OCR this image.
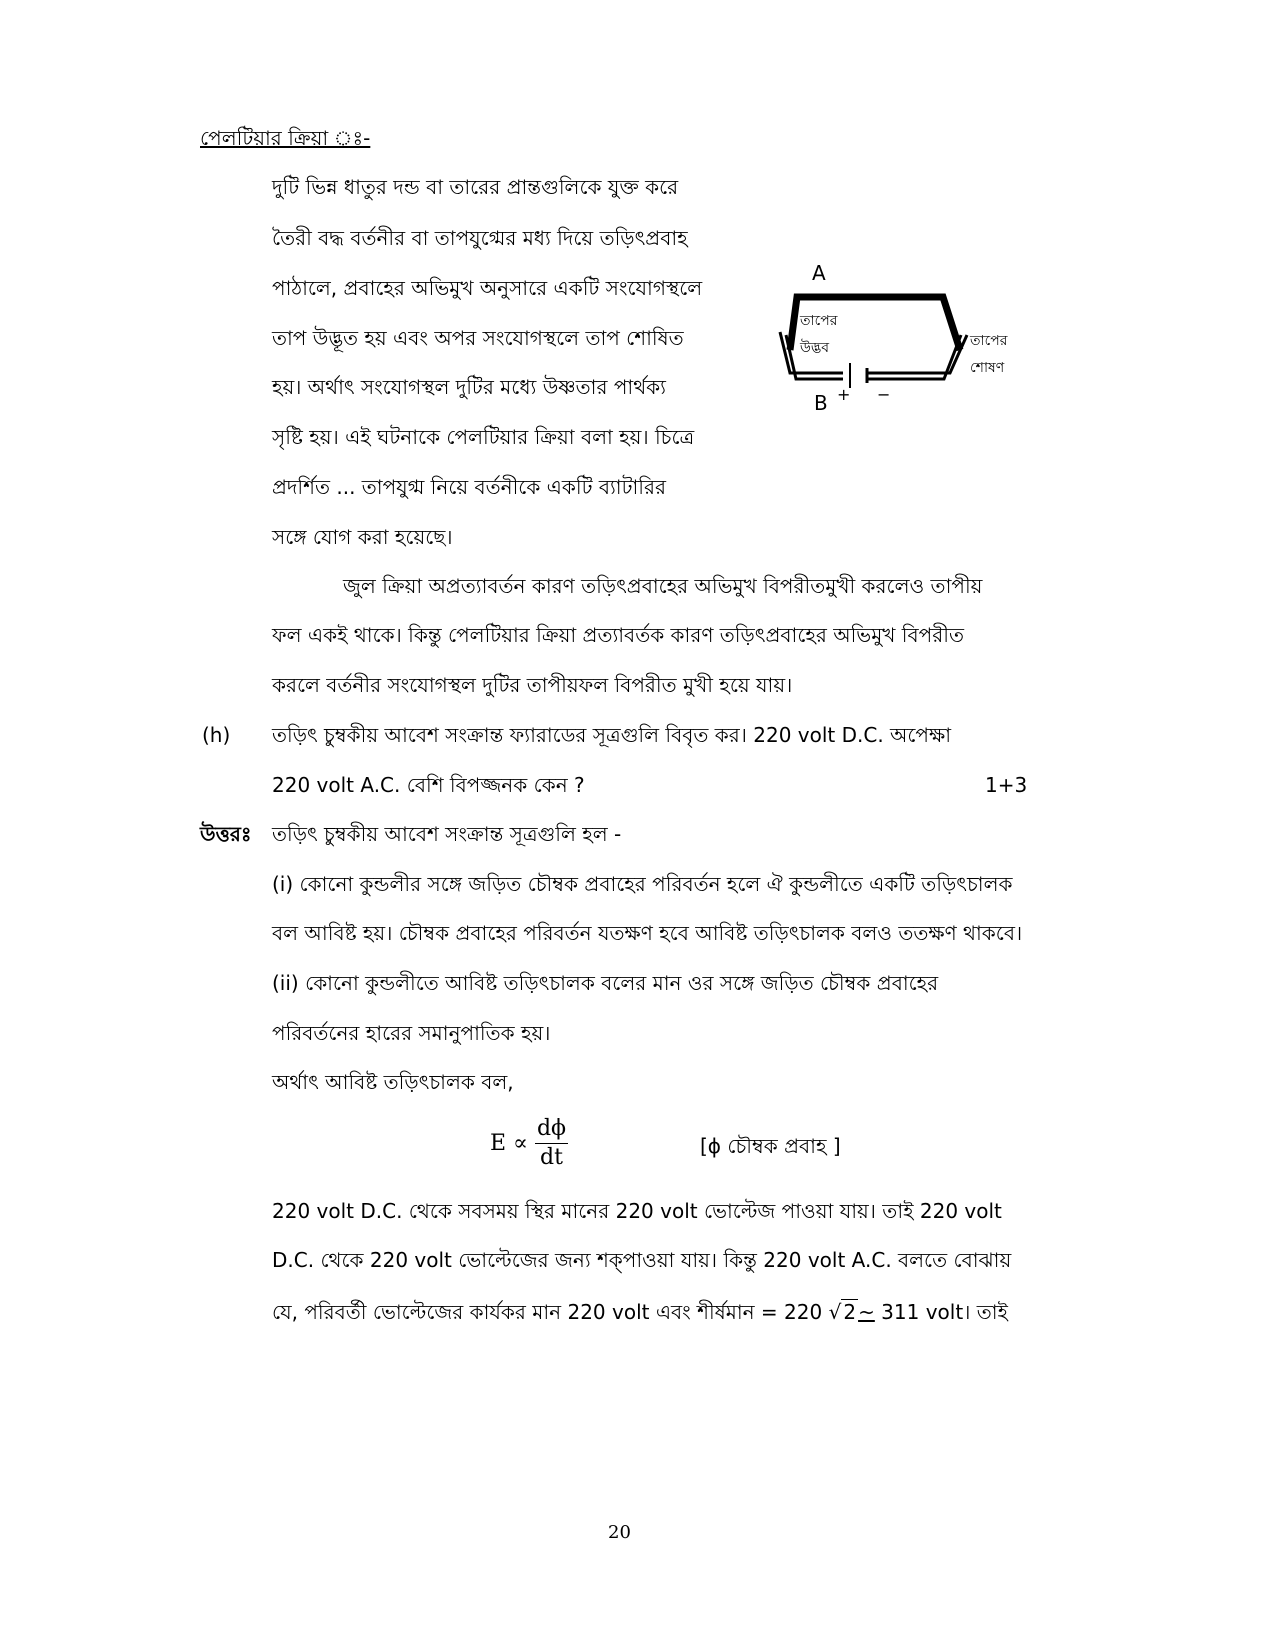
পেলটিয়ার ক্রিয়া ঃ-
দুটি ভিন্ন ধাতুর দন্ড বা তারের প্রান্তগুলিকে যুক্ত করে
তৈরী বদ্ধ বর্তনীর বা তাপযুগ্মের মধ্য দিয়ে তড়িৎপ্রবাহ
পাঠালে, প্রবাহের অভিমুখ অনুসারে একটি সংযোগস্থলে
তাপ উদ্ভূত হয় এবং অপর সংযোগস্থলে তাপ শোষিত
হয়। অর্থাৎ সংযোগস্থল দুটির মধ্যে উষ্ণতার পার্থক্য
সৃষ্টি হয়। এই ঘটনাকে পেলটিয়ার ক্রিয়া বলা হয়। চিত্রে
প্রদর্শিত ... তাপযুগ্ম নিয়ে বর্তনীকে একটি ব্যাটারির
সঙ্গে যোগ করা হয়েছে।
A
B + −
তাপের
উদ্ভব	তাপের
শোষণ
জুল ক্রিয়া অপ্রত্যাবর্তন কারণ তড়িৎপ্রবাহের অভিমুখ বিপরীতমুখী করলেও তাপীয়
ফল একই থাকে। কিন্তু পেলটিয়ার ক্রিয়া প্রত্যাবর্তক কারণ তড়িৎপ্রবাহের অভিমুখ বিপরীত
করলে বর্তনীর সংযোগস্থল দুটির তাপীয়ফল বিপরীত মুখী হয়ে যায়।
(h) তড়িৎ চুম্বকীয় আবেশ সংক্রান্ত ফ্যারাডের সূত্রগুলি বিবৃত কর। 220 volt D.C. অপেক্ষা
220 volt A.C. বেশি বিপজ্জনক কেন ?	1+3
উত্তরঃ তড়িৎ চুম্বকীয় আবেশ সংক্রান্ত সূত্রগুলি হল -
(i) কোনো কুন্ডলীর সঙ্গে জড়িত চৌম্বক প্রবাহের পরিবর্তন হলে ঐ কুন্ডলীতে একটি তড়িৎচালক
বল আবিষ্ট হয়। চৌম্বক প্রবাহের পরিবর্তন যতক্ষণ হবে আবিষ্ট তড়িৎচালক বলও ততক্ষণ থাকবে।
(ii) কোনো কুন্ডলীতে আবিষ্ট তড়িৎচালক বলের মান ওর সঙ্গে জড়িত চৌম্বক প্রবাহের
পরিবর্তনের হারের সমানুপাতিক হয়।
অর্থাৎ আবিষ্ট তড়িৎচালক বল,
$E \propto \frac{d\phi}{dt}$	[ϕ চৌম্বক প্রবাহ ]
220 volt D.C. থেকে সবসময় স্থির মানের 220 volt ভোল্টেজ পাওয়া যায়। তাই 220 volt
D.C. থেকে 220 volt ভোল্টেজের জন্য শক্পাওয়া যায়। কিন্তু 220 volt A.C. বলতে বোঝায়
যে, পরিবর্তী ভোল্টেজের কার্যকর মান 220 volt এবং শীর্ষমান = 220 √ 2 ~ 311 volt। তাই
20
